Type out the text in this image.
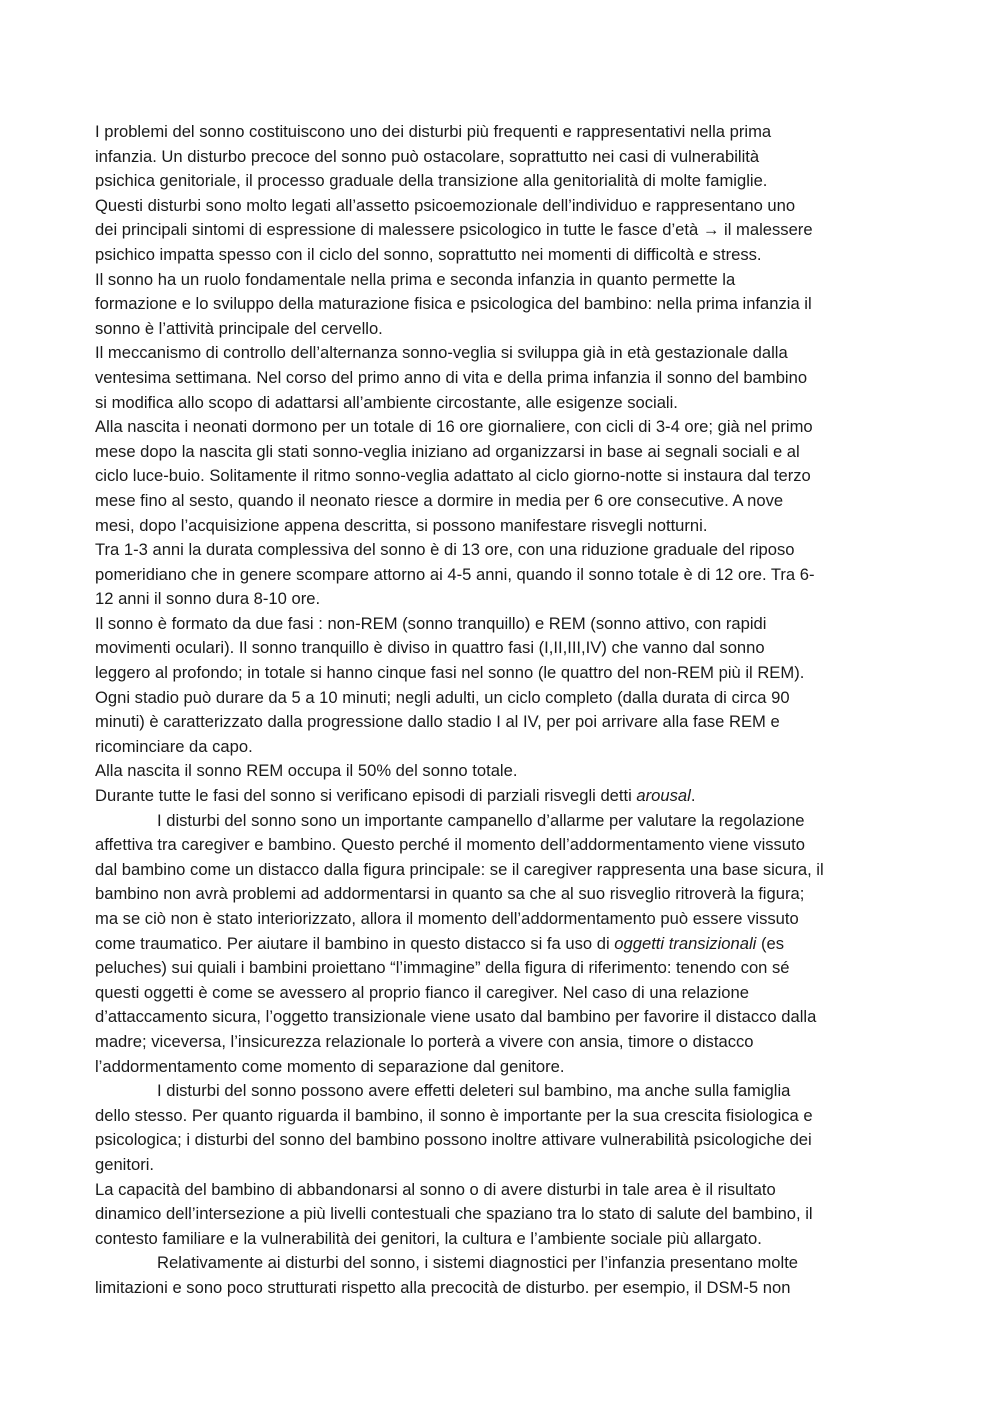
I problemi del sonno costituiscono uno dei disturbi più frequenti e rappresentativi nella prima
infanzia. Un disturbo precoce del sonno può ostacolare, soprattutto nei casi di vulnerabilità
psichica genitoriale, il processo graduale della transizione alla genitorialità di molte famiglie.
Questi disturbi sono molto legati all’assetto psicoemozionale dell’individuo e rappresentano uno
dei principali sintomi di espressione di malessere psicologico in tutte le fasce d’età → il malessere
psichico impatta spesso con il ciclo del sonno, soprattutto nei momenti di difficoltà e stress.
Il sonno ha un ruolo fondamentale nella prima e seconda infanzia in quanto permette la
formazione e lo sviluppo della maturazione fisica e psicologica del bambino: nella prima infanzia il
sonno è l’attività principale del cervello.
Il meccanismo di controllo dell’alternanza sonno-veglia si sviluppa già in età gestazionale dalla
ventesima settimana. Nel corso del primo anno di vita e della prima infanzia il sonno del bambino
si modifica allo scopo di adattarsi all’ambiente circostante, alle esigenze sociali.
Alla nascita i neonati dormono per un totale di 16 ore giornaliere, con cicli di 3-4 ore; già nel primo
mese dopo la nascita gli stati sonno-veglia iniziano ad organizzarsi in base ai segnali sociali e al
ciclo luce-buio. Solitamente il ritmo sonno-veglia adattato al ciclo giorno-notte si instaura dal terzo
mese fino al sesto, quando il neonato riesce a dormire in media per 6 ore consecutive. A nove
mesi, dopo l’acquisizione appena descritta, si possono manifestare risvegli notturni.
Tra 1-3 anni la durata complessiva del sonno è di 13 ore, con una riduzione graduale del riposo
pomeridiano che in genere scompare attorno ai 4-5 anni, quando il sonno totale è di 12 ore. Tra 6-
12 anni il sonno dura 8-10 ore.
Il sonno è formato da due fasi : non-REM (sonno tranquillo) e REM (sonno attivo, con rapidi
movimenti oculari). Il sonno tranquillo è diviso in quattro fasi (I,II,III,IV) che vanno dal sonno
leggero al profondo; in totale si hanno cinque fasi nel sonno (le quattro del non-REM più il REM).
Ogni stadio può durare da 5 a 10 minuti; negli adulti, un ciclo completo (dalla durata di circa 90
minuti) è caratterizzato dalla progressione dallo stadio I al IV, per poi arrivare alla fase REM e
ricominciare da capo.
Alla nascita il sonno REM occupa il 50% del sonno totale.
Durante tutte le fasi del sonno si verificano episodi di parziali risvegli detti arousal.
I disturbi del sonno sono un importante campanello d’allarme per valutare la regolazione
affettiva tra caregiver e bambino. Questo perché il momento dell’addormentamento viene vissuto
dal bambino come un distacco dalla figura principale: se il caregiver rappresenta una base sicura, il
bambino non avrà problemi ad addormentarsi in quanto sa che al suo risveglio ritroverà la figura;
ma se ciò non è stato interiorizzato, allora il momento dell’addormentamento può essere vissuto
come traumatico. Per aiutare il bambino in questo distacco si fa uso di oggetti transizionali (es
peluches) sui quiali i bambini proiettano “l’immagine” della figura di riferimento: tenendo con sé
questi oggetti è come se avessero al proprio fianco il caregiver. Nel caso di una relazione
d’attaccamento sicura, l’oggetto transizionale viene usato dal bambino per favorire il distacco dalla
madre; viceversa, l’insicurezza relazionale lo porterà a vivere con ansia, timore o distacco
l’addormentamento come momento di separazione dal genitore.
I disturbi del sonno possono avere effetti deleteri sul bambino, ma anche sulla famiglia
dello stesso. Per quanto riguarda il bambino, il sonno è importante per la sua crescita fisiologica e
psicologica; i disturbi del sonno del bambino possono inoltre attivare vulnerabilità psicologiche dei
genitori.
La capacità del bambino di abbandonarsi al sonno o di avere disturbi in tale area è il risultato
dinamico dell’intersezione a più livelli contestuali che spaziano tra lo stato di salute del bambino, il
contesto familiare e la vulnerabilità dei genitori, la cultura e l’ambiente sociale più allargato.
Relativamente ai disturbi del sonno, i sistemi diagnostici per l’infanzia presentano molte
limitazioni e sono poco strutturati rispetto alla precocità de disturbo. per esempio, il DSM-5 non
